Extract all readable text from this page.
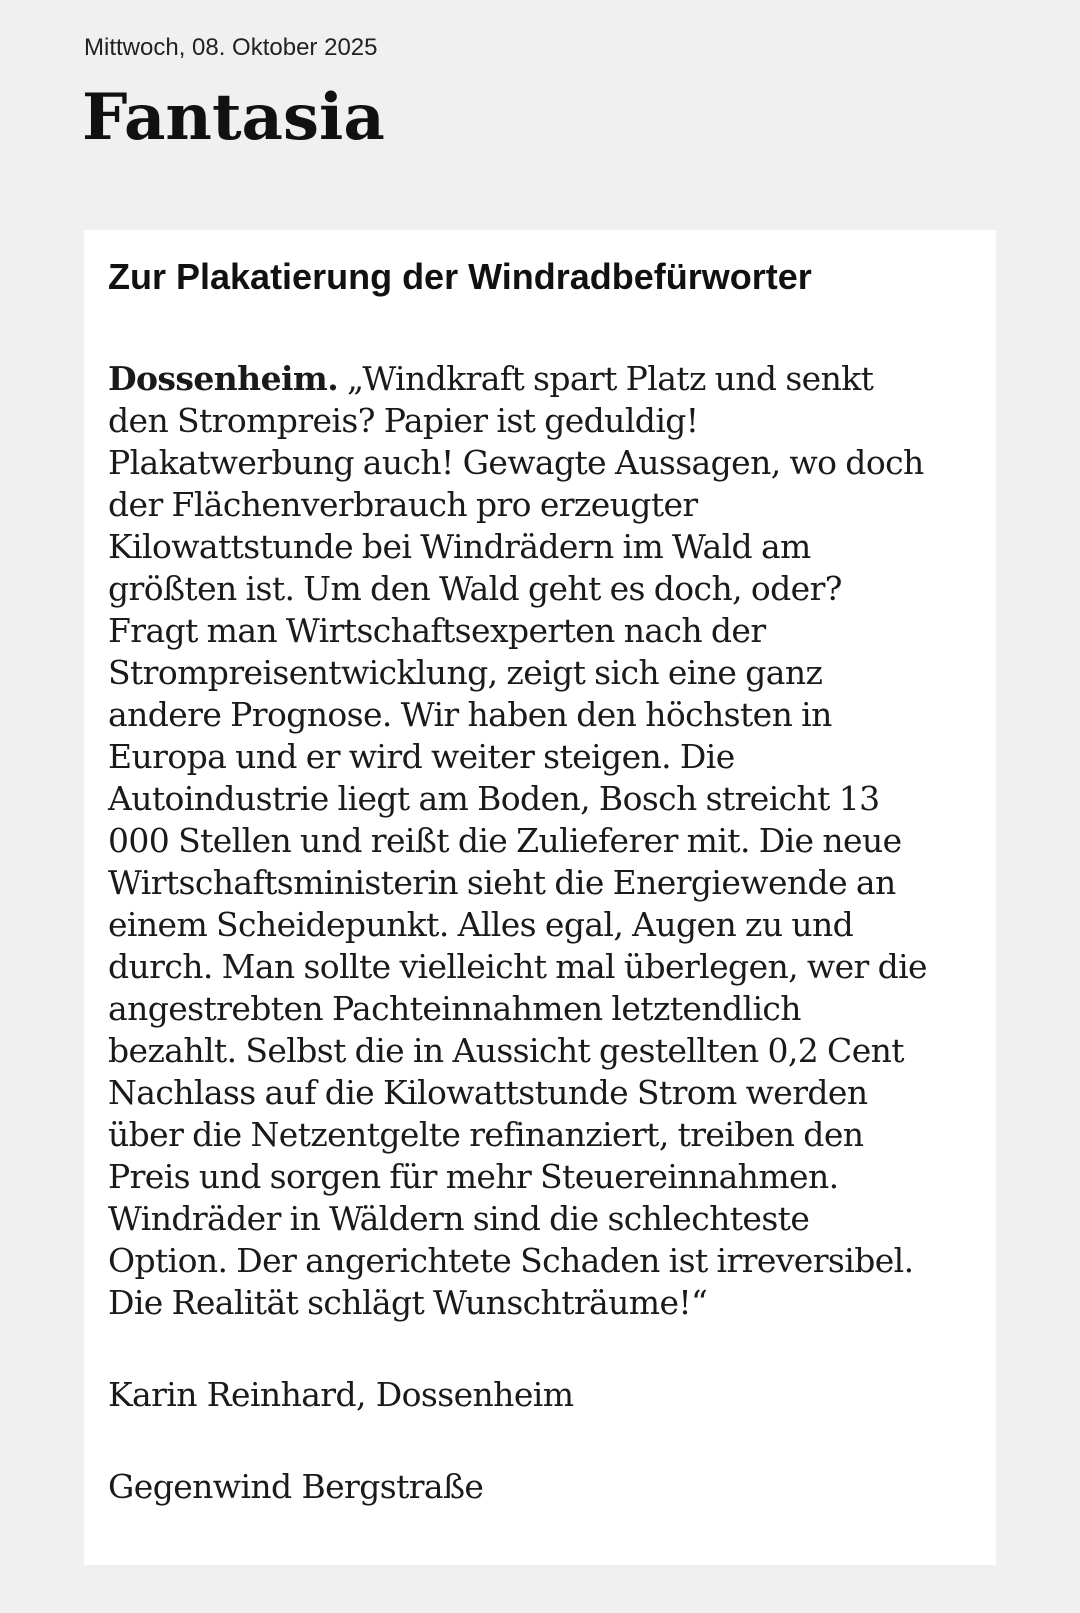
Mittwoch, 08. Oktober 2025
Fantasia
Zur Plakatierung der Windradbefürworter
Dossenheim. „Windkraft spart Platz und senkt
den Strompreis? Papier ist geduldig!
Plakatwerbung auch! Gewagte Aussagen, wo doch
der Flächenverbrauch pro erzeugter
Kilowattstunde bei Windrädern im Wald am
größten ist. Um den Wald geht es doch, oder?
Fragt man Wirtschaftsexperten nach der
Strompreisentwicklung, zeigt sich eine ganz
andere Prognose. Wir haben den höchsten in
Europa und er wird weiter steigen. Die
Autoindustrie liegt am Boden, Bosch streicht 13
000 Stellen und reißt die Zulieferer mit. Die neue
Wirtschaftsministerin sieht die Energiewende an
einem Scheidepunkt. Alles egal, Augen zu und
durch. Man sollte vielleicht mal überlegen, wer die
angestrebten Pachteinnahmen letztendlich
bezahlt. Selbst die in Aussicht gestellten 0,2 Cent
Nachlass auf die Kilowattstunde Strom werden
über die Netzentgelte refinanziert, treiben den
Preis und sorgen für mehr Steuereinnahmen.
Windräder in Wäldern sind die schlechteste
Option. Der angerichtete Schaden ist irreversibel.
Die Realität schlägt Wunschträume!“

Karin Reinhard, Dossenheim

Gegenwind Bergstraße
